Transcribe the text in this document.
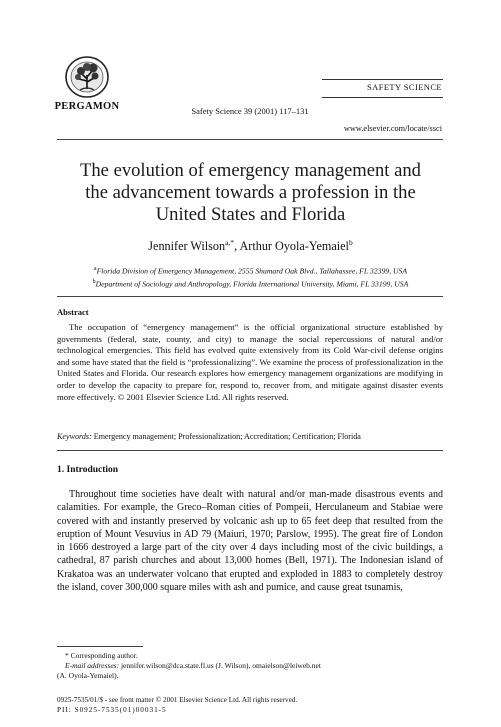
PERGAMON	Safety Science 39 (2001) 117–131
SAFETY SCIENCE
www.elsevier.com/locate/ssci
The evolution of emergency management and
the advancement towards a profession in the
United States and Florida
Jennifer Wilson$^{a,*}$, Arthur Oyola-Yemaiel$^b$
$^a$Florida Division of Emergency Management, 2555 Shumard Oak Blvd., Tallahassee, FL 32399, USA
$^b$Department of Sociology and Anthropology, Florida International University, Miami, FL 33199, USA
Abstract

The occupation of “emergency management” is the official organizational structure established by governments (federal, state, county, and city) to manage the social repercussions of natural and/or technological emergencies. This field has evolved quite extensively from its Cold War-civil defense origins and some have stated that the field is “professionalizing”. We examine the process of professionalization in the United States and Florida. Our research explores how emergency management organizations are modifying in order to develop the capacity to prepare for, respond to, recover from, and mitigate against disaster events more effectively. © 2001 Elsevier Science Ltd. All rights reserved.

Keywords: Emergency management; Professionalization; Accreditation; Certification; Florida
1. Introduction

Throughout time societies have dealt with natural and/or man-made disastrous events and calamities. For example, the Greco–Roman cities of Pompeii, Herculaneum and Stabiae were covered with and instantly preserved by volcanic ash up to 65 feet deep that resulted from the eruption of Mount Vesuvius in AD 79 (Maiuri, 1970; Parslow, 1995). The great fire of London in 1666 destroyed a large part of the city over 4 days including most of the civic buildings, a cathedral, 87 parish churches and about 13,000 homes (Bell, 1971). The Indonesian island of Krakatoa was an underwater volcano that erupted and exploded in 1883 to completely destroy the island, cover 300,000 square miles with ash and pumice, and cause great tsunamis,

* Corresponding author.
E-mail addresses: jennifer.wilson@dca.state.fl.us (J. Wilson), omaielson@leiweb.net
(A. Oyola-Yemaiel).
0925-7535/01/$ - see front matter © 2001 Elsevier Science Ltd. All rights reserved.
PII: S0925-7535(01)00031-5
